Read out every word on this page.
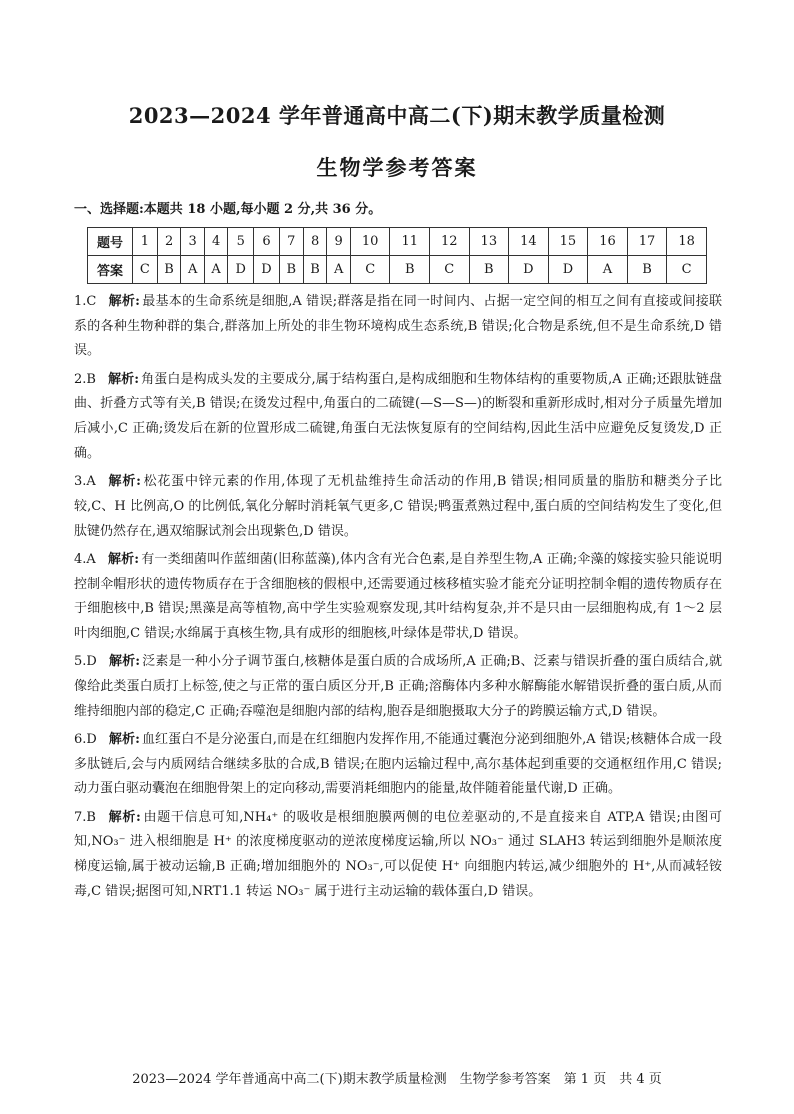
2023—2024 学年普通高中高二(下)期末教学质量检测
生物学参考答案
一、选择题:本题共 18 小题,每小题 2 分,共 36 分。
题号	1	2	3	4	5	6	7	8	9	10	11	12	13	14	15	16	17	18
答案	C	B	A	A	D	D	B	B	A	C	B	C	B	D	D	A	B	C
1.C 解析: 最基本的生命系统是细胞,A 错误;群落是指在同一时间内、占据一定空间的相互之间有直接或间接联系的各种生物种群的集合,群落加上所处的非生物环境构成生态系统,B 错误;化合物是系统,但不是生命系统,D 错误。
2.B 解析: 角蛋白是构成头发的主要成分,属于结构蛋白,是构成细胞和生物体结构的重要物质,A 正确;还跟肽链盘曲、折叠方式等有关,B 错误;在烫发过程中,角蛋白的二硫键(—S—S—)的断裂和重新形成时,相对分子质量先增加后减小,C 正确;烫发后在新的位置形成二硫键,角蛋白无法恢复原有的空间结构,因此生活中应避免反复烫发,D 正确。
3.A 解析: 松花蛋中锌元素的作用,体现了无机盐维持生命活动的作用,B 错误;相同质量的脂肪和糖类分子比较,C、H 比例高,O 的比例低,氧化分解时消耗氧气更多,C 错误;鸭蛋煮熟过程中,蛋白质的空间结构发生了变化,但肽键仍然存在,遇双缩脲试剂会出现紫色,D 错误。
4.A 解析: 有一类细菌叫作蓝细菌(旧称蓝藻),体内含有光合色素,是自养型生物,A 正确;伞藻的嫁接实验只能说明控制伞帽形状的遗传物质存在于含细胞核的假根中,还需要通过核移植实验才能充分证明控制伞帽的遗传物质存在于细胞核中,B 错误;黑藻是高等植物,高中学生实验观察发现,其叶结构复杂,并不是只由一层细胞构成,有 1～2 层叶肉细胞,C 错误;水绵属于真核生物,具有成形的细胞核,叶绿体是带状,D 错误。
5.D 解析: 泛素是一种小分子调节蛋白,核糖体是蛋白质的合成场所,A 正确;B、泛素与错误折叠的蛋白质结合,就像给此类蛋白质打上标签,使之与正常的蛋白质区分开,B 正确;溶酶体内多种水解酶能水解错误折叠的蛋白质,从而维持细胞内部的稳定,C 正确;吞噬泡是细胞内部的结构,胞吞是细胞摄取大分子的跨膜运输方式,D 错误。
6.D 解析: 血红蛋白不是分泌蛋白,而是在红细胞内发挥作用,不能通过囊泡分泌到细胞外,A 错误;核糖体合成一段多肽链后,会与内质网结合继续多肽的合成,B 错误;在胞内运输过程中,高尔基体起到重要的交通枢纽作用,C 错误;动力蛋白驱动囊泡在细胞骨架上的定向移动,需要消耗细胞内的能量,故伴随着能量代谢,D 正确。
7.B 解析: 由题干信息可知,NH₄⁺ 的吸收是根细胞膜两侧的电位差驱动的,不是直接来自 ATP,A 错误;由图可知,NO₃⁻ 进入根细胞是 H⁺ 的浓度梯度驱动的逆浓度梯度运输,所以 NO₃⁻ 通过 SLAH3 转运到细胞外是顺浓度梯度运输,属于被动运输,B 正确;增加细胞外的 NO₃⁻,可以促使 H⁺ 向细胞内转运,减少细胞外的 H⁺,从而减轻铵毒,C 错误;据图可知,NRT1.1 转运 NO₃⁻ 属于进行主动运输的载体蛋白,D 错误。
2023—2024 学年普通高中高二(下)期末教学质量检测　生物学参考答案　第 1 页　共 4 页
